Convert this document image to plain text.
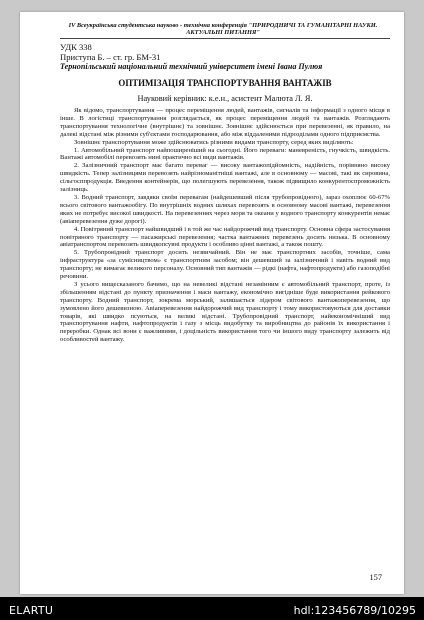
IV Всеукраїнська студентська науково - технічна конференція "ПРИРОДНИЧІ ТА ГУМАНІТАРНІ НАУКИ. АКТУАЛЬНІ ПИТАННЯ"

УДК 338

Приступа Б. – ст. гр. БМ-31

Тернопільський національний технічний університет імені Івана Пулюя

ОПТИМІЗАЦІЯ ТРАНСПОРТУВАННЯ ВАНТАЖІВ

Науковий керівник: к.е.н., асистент Малюта Л. Я.

Як відомо, транспортування — процес переміщення людей, вантажів, сигналів та інформації з одного місця в інше. В логістиці транспортування розглядається, як процес переміщення людей та вантажів. Розглядають транспортування технологічне (внутрішнє) та зовнішнє. Зовнішнє здійснюється при перевезенні, як правило, на далекі відстані між різними суб'єктами господарювання, або між віддаленими підрозділами одного підприємства.

Зовнішнє транспортування може здійснюватись різними видами транспорту, серед яких виділяють:

1. Автомобільний транспорт найпоширеніший на сьогодні. Його переваги: маневреність, гнучкість, швидкість. Вантажі автомобілі перевозять нині практично всі види вантажів.

2. Залізничний транспорт має багато переваг — високу вантажопідйомність, надійність, порівняно високу швидкість. Тепер залізницями перевозять найрізноманітніші вантажі, але в основному — масові, такі як сировина, сільгосппродукція. Введення контейнерів, що полегшують перевезення, також підвищило конкурентоспроможність залізниць.

3. Водний транспорт, завдяки своїм перевагам (найдешевший після трубопровідного), зараз охоплює 60-67% всього світового вантажообігу. По внутрішніх водних шляхах перевозять в основному масові вантажі, перевезення яких не потребує високої швидкості. На перевезеннях через моря та океани у водного транспорту конкурентів немає (авіаперевезення дуже дорогі).

4. Повітряний транспорт найшвидший і в той же час найдорожчий вид транспорту. Основна сфера застосування повітряного транспорту — пасажирські перевезення; частка вантажних перевезень досить низька. В основному авіатранспортом перевозять швидкопсувні продукти і особливо цінні вантажі, а також пошту.

5. Трубопровідний транспорт досить незвичайний. Він не має транспортних засобів, точніше, сама інфраструктура «за сумісництвом» є транспортним засобом; він дешевший за залізничний і навіть водний вид транспорту; не вимагає великого персоналу. Основний тип вантажів — рідкі (нафта, нафтопродукти) або газоподібні речовини.

З усього вищесказаного бачимо, що на невеликі відстані незамінним є автомобільний транспорт, проте, із збільшенням відстані до пункту призначення і маси вантажу, економічно вигідніше буде використання рейкового транспорту. Водний транспорт, зокрема морський, залишається лідером світового вантажоперевезення, що зумовлено його дешевизною. Авіаперевезення найдорожчий вид транспорту і тому використовуються для доставки товарів, які швидко псуються, на великі відстані. Трубопровідний транспорт, найекономічніший вид транспортування нафти, нафтопродуктів і газу з місць видобутку та виробництва до районів їх використання і переробки. Однак всі вони є важливими, і доцільність використання того чи іншого виду транспорту залежить від особливостей вантажу.

157
ELARTU	hdl:123456789/10295
